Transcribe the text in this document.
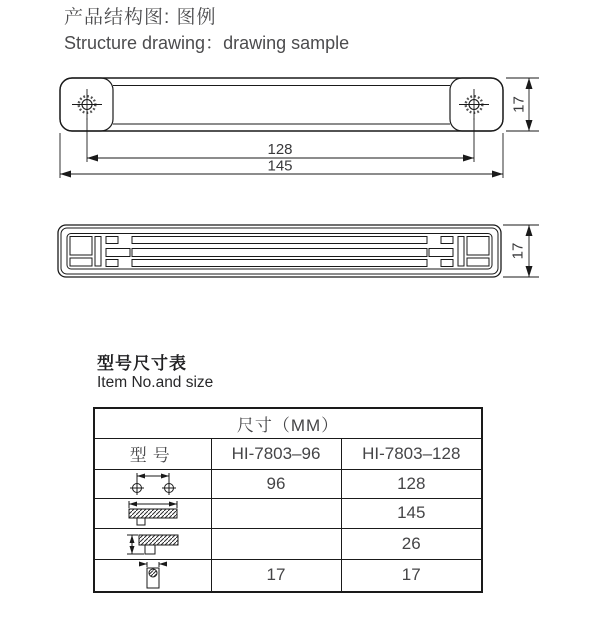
产品结构图: 图例
Structure drawing：drawing sample
128
145
17
17
型号尺寸表
Item No.and size
尺寸（MM）		
型号	HI-7803–96	HI-7803–128

	96	128

		145

		26

	17	17
